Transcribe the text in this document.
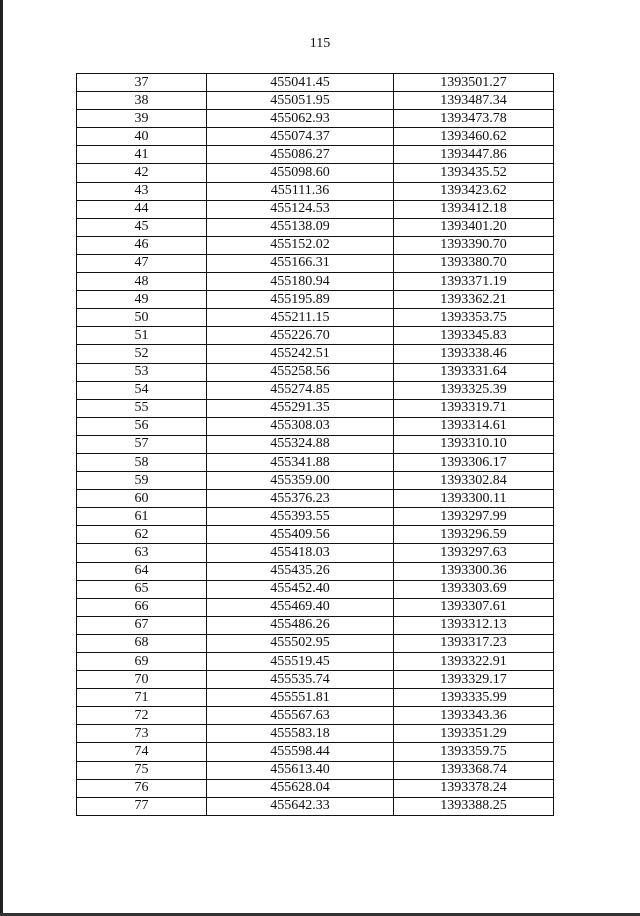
115
37	455041.45	1393501.27
38	455051.95	1393487.34
39	455062.93	1393473.78
40	455074.37	1393460.62
41	455086.27	1393447.86
42	455098.60	1393435.52
43	455111.36	1393423.62
44	455124.53	1393412.18
45	455138.09	1393401.20
46	455152.02	1393390.70
47	455166.31	1393380.70
48	455180.94	1393371.19
49	455195.89	1393362.21
50	455211.15	1393353.75
51	455226.70	1393345.83
52	455242.51	1393338.46
53	455258.56	1393331.64
54	455274.85	1393325.39
55	455291.35	1393319.71
56	455308.03	1393314.61
57	455324.88	1393310.10
58	455341.88	1393306.17
59	455359.00	1393302.84
60	455376.23	1393300.11
61	455393.55	1393297.99
62	455409.56	1393296.59
63	455418.03	1393297.63
64	455435.26	1393300.36
65	455452.40	1393303.69
66	455469.40	1393307.61
67	455486.26	1393312.13
68	455502.95	1393317.23
69	455519.45	1393322.91
70	455535.74	1393329.17
71	455551.81	1393335.99
72	455567.63	1393343.36
73	455583.18	1393351.29
74	455598.44	1393359.75
75	455613.40	1393368.74
76	455628.04	1393378.24
77	455642.33	1393388.25
